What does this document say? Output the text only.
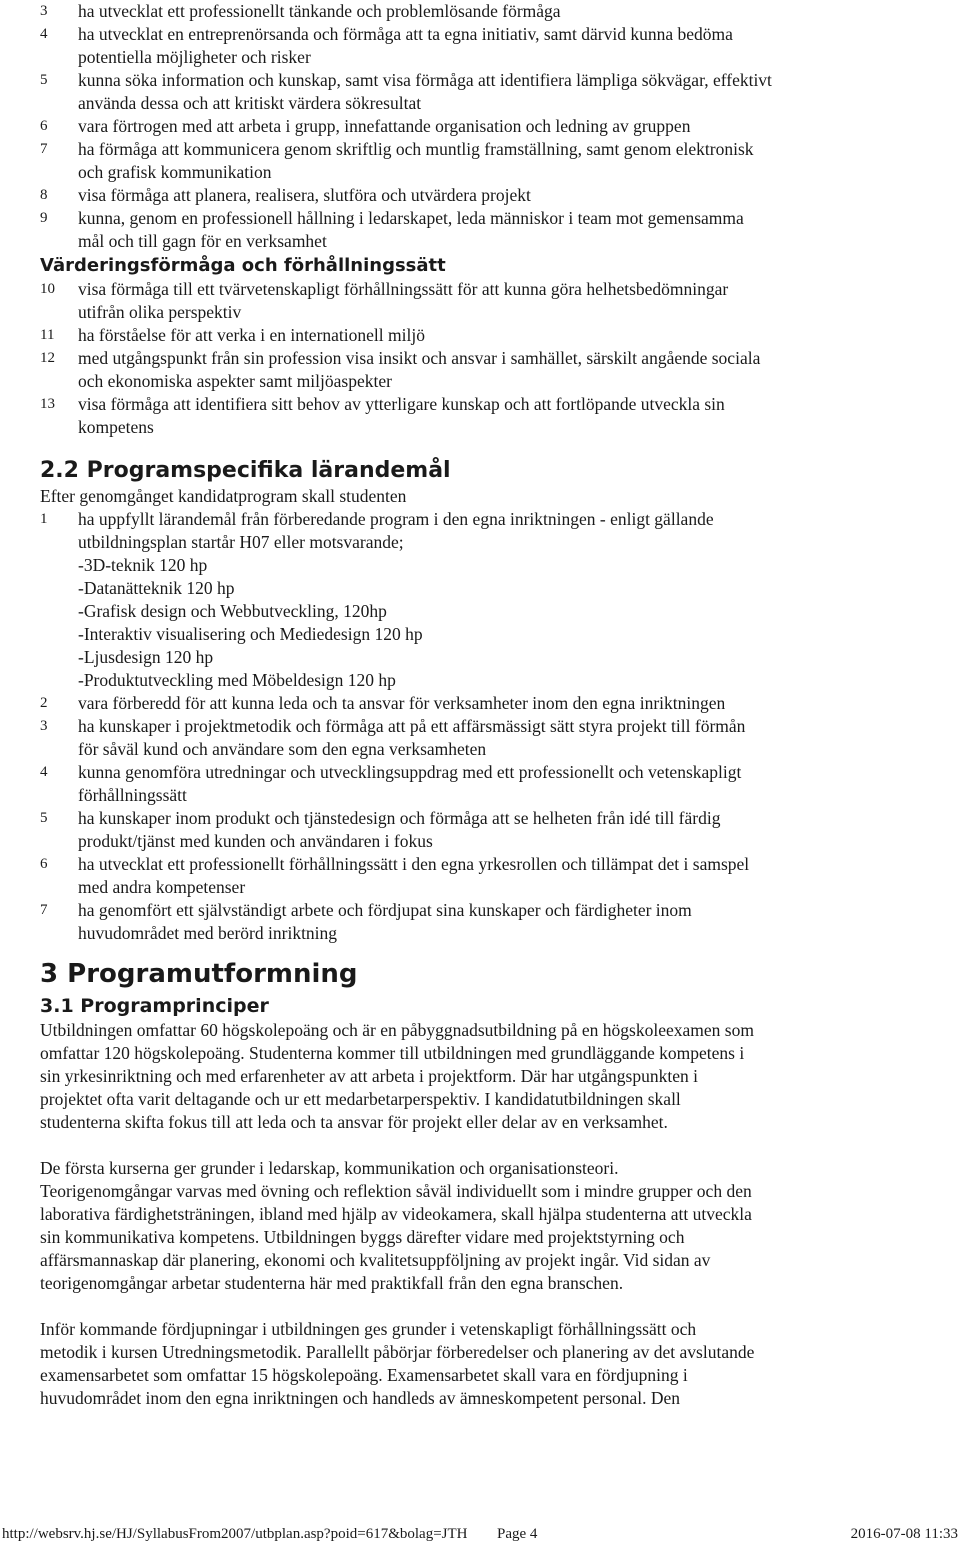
3	ha utvecklat ett professionellt tänkande och problemlösande förmåga
4	ha utvecklat en entreprenörsanda och förmåga att ta egna initiativ, samt därvid kunna bedöma
potentiella möjligheter och risker
5	kunna söka information och kunskap, samt visa förmåga att identifiera lämpliga sökvägar, effektivt
använda dessa och att kritiskt värdera sökresultat
6	vara förtrogen med att arbeta i grupp, innefattande organisation och ledning av gruppen
7	ha förmåga att kommunicera genom skriftlig och muntlig framställning, samt genom elektronisk
och grafisk kommunikation
8	visa förmåga att planera, realisera, slutföra och utvärdera projekt
9	kunna, genom en professionell hållning i ledarskapet, leda människor i team mot gemensamma
mål och till gagn för en verksamhet
Värderingsförmåga och förhållningssätt
10	visa förmåga till ett tvärvetenskapligt förhållningssätt för att kunna göra helhetsbedömningar
utifrån olika perspektiv
11	ha förståelse för att verka i en internationell miljö
12	med utgångspunkt från sin profession visa insikt och ansvar i samhället, särskilt angående sociala
och ekonomiska aspekter samt miljöaspekter
13	visa förmåga att identifiera sitt behov av ytterligare kunskap och att fortlöpande utveckla sin
kompetens
2.2 Programspecifika lärandemål
Efter genomgånget kandidatprogram skall studenten
1	ha uppfyllt lärandemål från förberedande program i den egna inriktningen - enligt gällande
utbildningsplan startår H07 eller motsvarande;
-3D-teknik 120 hp
-Datanätteknik 120 hp
-Grafisk design och Webbutveckling, 120hp
-Interaktiv visualisering och Mediedesign 120 hp
-Ljusdesign 120 hp
-Produktutveckling med Möbeldesign 120 hp
2	vara förberedd för att kunna leda och ta ansvar för verksamheter inom den egna inriktningen
3	ha kunskaper i projektmetodik och förmåga att på ett affärsmässigt sätt styra projekt till förmån
för såväl kund och användare som den egna verksamheten
4	kunna genomföra utredningar och utvecklingsuppdrag med ett professionellt och vetenskapligt
förhållningssätt
5	ha kunskaper inom produkt och tjänstedesign och förmåga att se helheten från idé till färdig
produkt/tjänst med kunden och användaren i fokus
6	ha utvecklat ett professionellt förhållningssätt i den egna yrkesrollen och tillämpat det i samspel
med andra kompetenser
7	ha genomfört ett självständigt arbete och fördjupat sina kunskaper och färdigheter inom
huvudområdet med berörd inriktning
3 Programutformning
3.1 Programprinciper
Utbildningen omfattar 60 högskolepoäng och är en påbyggnadsutbildning på en högskoleexamen som
omfattar 120 högskolepoäng. Studenterna kommer till utbildningen med grundläggande kompetens i
sin yrkesinriktning och med erfarenheter av att arbeta i projektform. Där har utgångspunkten i
projektet ofta varit deltagande och ur ett medarbetarperspektiv. I kandidatutbildningen skall
studenterna skifta fokus till att leda och ta ansvar för projekt eller delar av en verksamhet.
De första kurserna ger grunder i ledarskap, kommunikation och organisationsteori.
Teorigenomgångar varvas med övning och reflektion såväl individuellt som i mindre grupper och den
laborativa färdighetsträningen, ibland med hjälp av videokamera, skall hjälpa studenterna att utveckla
sin kommunikativa kompetens. Utbildningen byggs därefter vidare med projektstyrning och
affärsmannaskap där planering, ekonomi och kvalitetsuppföljning av projekt ingår. Vid sidan av
teorigenomgångar arbetar studenterna här med praktikfall från den egna branschen.
Inför kommande fördjupningar i utbildningen ges grunder i vetenskapligt förhållningssätt och
metodik i kursen Utredningsmetodik. Parallellt påbörjar förberedelser och planering av det avslutande
examensarbetet som omfattar 15 högskolepoäng. Examensarbetet skall vara en fördjupning i
huvudområdet inom den egna inriktningen och handleds av ämneskompetent personal. Den
http://websrv.hj.se/HJ/SyllabusFrom2007/utbplan.asp?poid=617&bolag=JTH Page 4	2016-07-08 11:33
